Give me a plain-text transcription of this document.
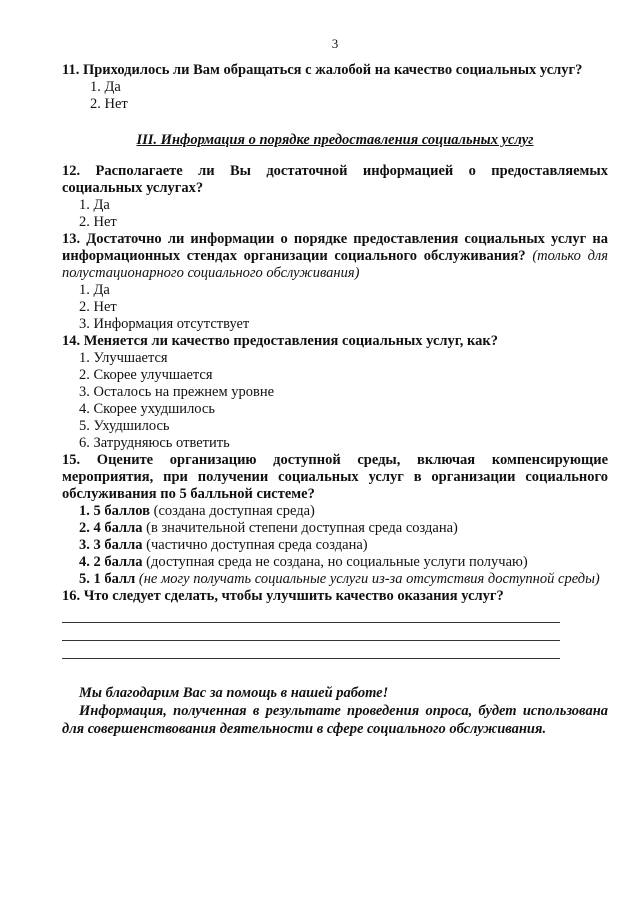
3
11. Приходилось ли Вам обращаться с жалобой на качество социальных услуг?
1. Да
2. Нет
III. Информация о порядке предоставления социальных услуг
12. Располагаете ли Вы достаточной информацией о предоставляемых социальных услугах?
1. Да
2. Нет
13. Достаточно ли информации о порядке предоставления социальных услуг на информационных стендах организации социального обслуживания? (только для полустационарного социального обслуживания)
1. Да
2. Нет
3. Информация отсутствует
14. Меняется ли качество предоставления социальных услуг, как?
1. Улучшается
2. Скорее улучшается
3. Осталось на прежнем уровне
4. Скорее ухудшилось
5. Ухудшилось
6. Затрудняюсь ответить
15. Оцените организацию доступной среды, включая компенсирующие мероприятия, при получении социальных услуг в организации социального обслуживания по 5 балльной системе?
1. 5 баллов (создана доступная среда)
2. 4 балла (в значительной степени доступная среда создана)
3. 3 балла (частично доступная среда создана)
4. 2 балла (доступная среда не создана, но социальные услуги получаю)
5. 1 балл (не могу получать социальные услуги из-за отсутствия доступной среды)
16. Что следует сделать, чтобы улучшить качество оказания услуг?
Мы благодарим Вас за помощь в нашей работе!
Информация, полученная в результате проведения опроса, будет использована для совершенствования деятельности в сфере социального обслуживания.
